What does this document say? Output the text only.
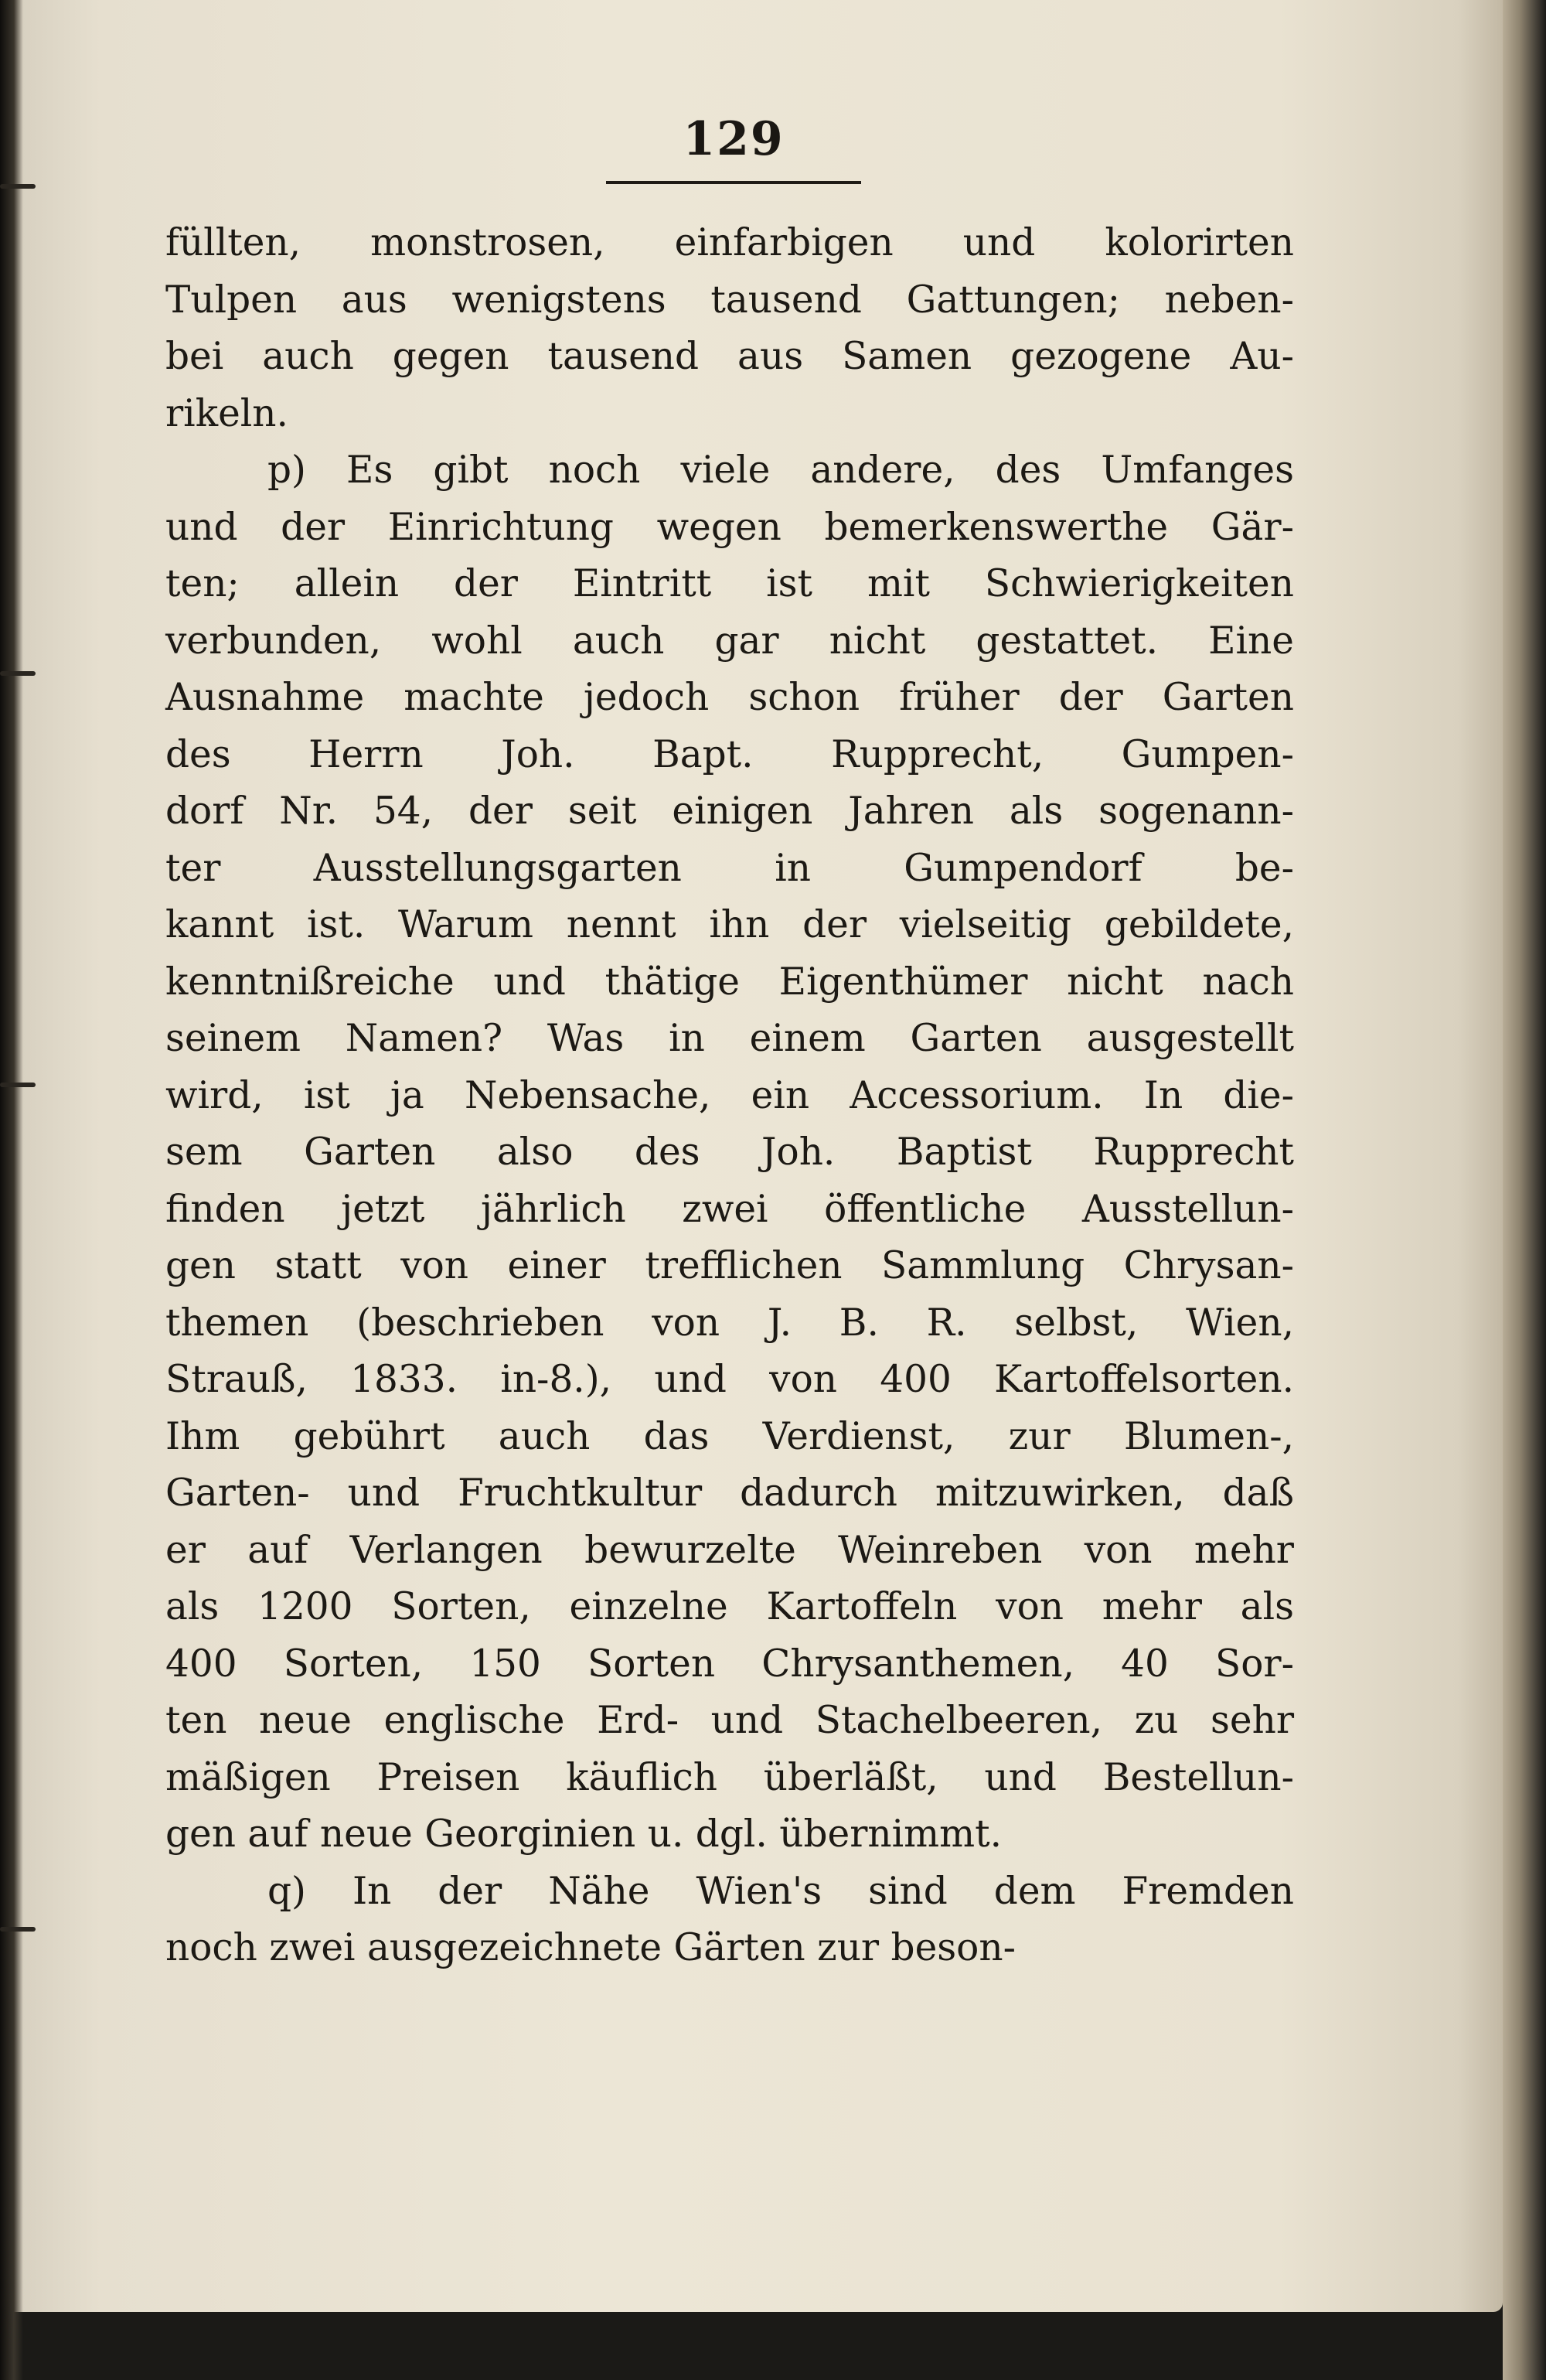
129
füllten, monstrosen, einfarbigen und kolorirten
Tulpen aus wenigstens tausend Gattungen; neben-
bei auch gegen tausend aus Samen gezogene Au-
rikeln.
p) Es gibt noch viele andere, des Umfanges
und der Einrichtung wegen bemerkenswerthe Gär-
ten; allein der Eintritt ist mit Schwierigkeiten
verbunden, wohl auch gar nicht gestattet. Eine
Ausnahme machte jedoch schon früher der Garten
des Herrn Joh. Bapt. Rupprecht, Gumpen-
dorf Nr. 54, der seit einigen Jahren als sogenann-
ter Ausstellungsgarten in Gumpendorf be-
kannt ist. Warum nennt ihn der vielseitig gebildete,
kenntnißreiche und thätige Eigenthümer nicht nach
seinem Namen? Was in einem Garten ausgestellt
wird, ist ja Nebensache, ein Accessorium. In die-
sem Garten also des Joh. Baptist Rupprecht
finden jetzt jährlich zwei öffentliche Ausstellun-
gen statt von einer trefflichen Sammlung Chrysan-
themen (beschrieben von J. B. R. selbst, Wien,
Strauß, 1833. in-8.), und von 400 Kartoffelsorten.
Ihm gebührt auch das Verdienst, zur Blumen-,
Garten- und Fruchtkultur dadurch mitzuwirken, daß
er auf Verlangen bewurzelte Weinreben von mehr
als 1200 Sorten, einzelne Kartoffeln von mehr als
400 Sorten, 150 Sorten Chrysanthemen, 40 Sor-
ten neue englische Erd- und Stachelbeeren, zu sehr
mäßigen Preisen käuflich überläßt, und Bestellun-
gen auf neue Georginien u. dgl. übernimmt.
q) In der Nähe Wien's sind dem Fremden
noch zwei ausgezeichnete Gärten zur beson-
